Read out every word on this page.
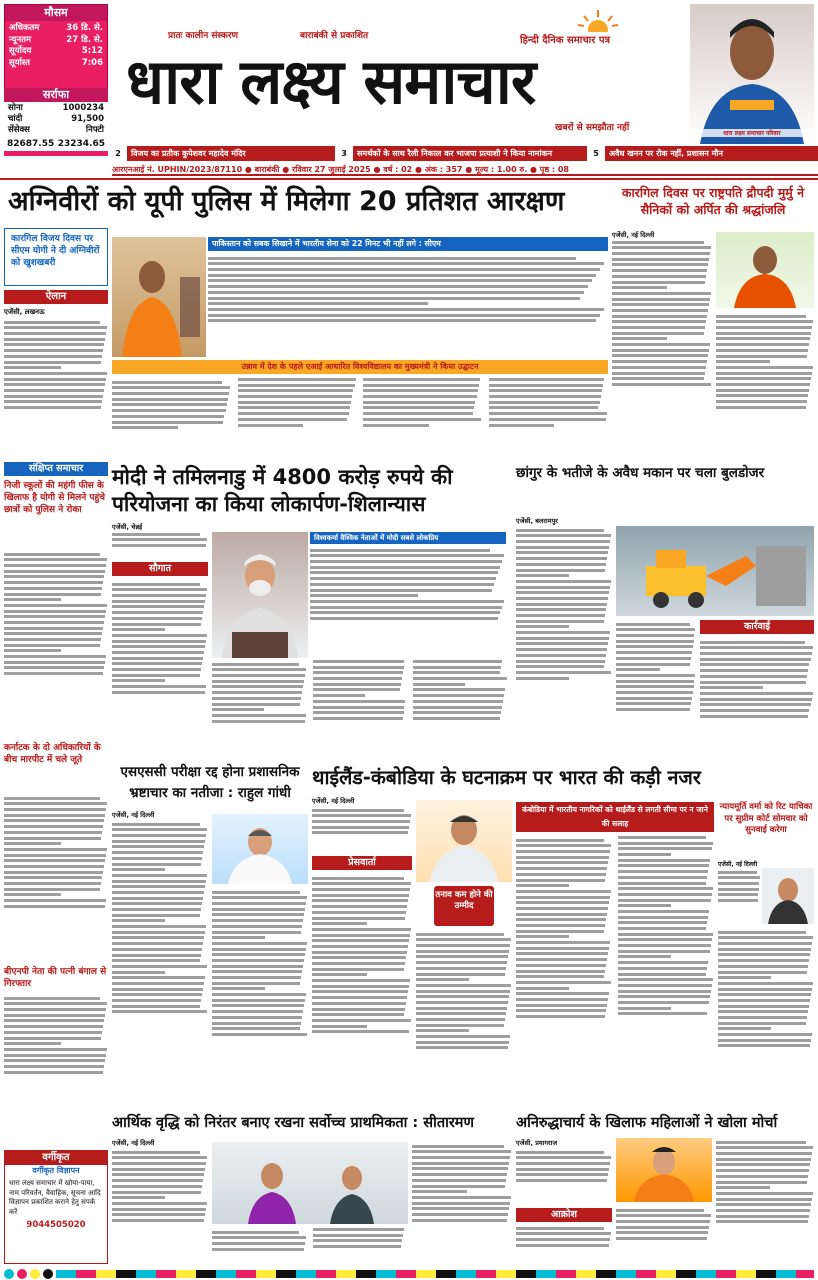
मौसम
अधिकतम	36 डि. से.
न्यूनतम	27 डि. से.
सूर्योदय	5:12
सूर्यास्त	7:06
सर्राफा
सोना	1000234
चांदी	91,500
सेंसेक्स	निफ्टी
82687.55 23234.65
प्रातः कालीन संस्करण	बाराबंकी से प्रकाशित	हिन्दी दैनिक समाचार पत्र
धारा लक्ष्य समाचार
खबरों से समझौता नहीं
धारा लक्ष्य समाचार परिवार
2	विजय का प्रतीक कुपेशवर महादेव मंदिर	3	समर्थकों के साथ रैली निकाल कर भाजपा प्रत्याशी ने किया नामांकन	5	अवैध खनन पर रोक नहीं, प्रशासन मौन
आरएनआई नं. UPHIN/2023/87110 ● बाराबंकी ● रविवार 27 जुलाई 2025 ● वर्ष : 02 ● अंक : 357 ● मूल्य : 1.00 रु. ● पृष्ठ : 08
अग्निवीरों को यूपी पुलिस में मिलेगा 20 प्रतिशत आरक्षण
कारगिल विजय दिवस पर सीएम योगी ने दी अग्निवीरों को खुशखबरी
ऐलान
एजेंसी, लखनऊ
पाकिस्तान को सबक सिखाने में भारतीय सेना को 22 मिनट भी नहीं लगे : सीएम
उन्नाव में देश के पहले एआई आधारित विश्वविद्यालय का मुख्यमंत्री ने किया उद्घाटन
कारगिल दिवस पर राष्ट्रपति द्रौपदी मुर्मु ने सैनिकों को अर्पित की श्रद्धांजलि
एजेंसी, नई दिल्ली
संक्षिप्त समाचार
निजी स्कूलों की महंगी फीस के खिलाफ है योगी से मिलने पहुंचे छात्रों को पुलिस ने रोका
कर्नाटक के दो अधिकारियों के बीच मारपीट में चले जूते
बीएनपी नेता की पत्नी बंगाल से गिरफ्तार
मोदी ने तमिलनाडु में 4800 करोड़ रुपये की परियोजना का किया लोकार्पण-शिलान्यास
एजेंसी, चेन्नई
सौगात
विश्वकर्मा वैश्विक नेताओं में मोदी सबसे लोकप्रिय
छांगुर के भतीजे के अवैध मकान पर चला बुलडोजर
एजेंसी, बलरामपुर
कार्रवाई
एसएससी परीक्षा रद्द होना प्रशासनिक भ्रष्टाचार का नतीजा : राहुल गांधी
एजेंसी, नई दिल्ली
थाईलैंड-कंबोडिया के घटनाक्रम पर भारत की कड़ी नजर
एजेंसी, नई दिल्ली
प्रेसवार्ता
तनाव कम होने की उम्मीद
कंबोडिया में भारतीय नागरिकों को थाईलैंड से लगती सीमा पर न जाने की सलाह
न्यायमूर्ति वर्मा को रिट याचिका पर सुप्रीम कोर्ट सोमवार को सुनवाई करेगा
एजेंसी, नई दिल्ली
आर्थिक वृद्धि को निरंतर बनाए रखना सर्वोच्च प्राथमिकता : सीतारमण
एजेंसी, नई दिल्ली
अनिरुद्धाचार्य के खिलाफ महिलाओं ने खोला मोर्चा
एजेंसी, प्रयागराज
आक्रोश
वर्गीकृत
वर्गीकृत विज्ञापन
धारा लक्ष्य समाचार में खोया-पाया, नाम परिवर्तन, वैवाहिक, सूचना आदि विज्ञापन प्रकाशित कराने हेतु संपर्क करें
9044505020
